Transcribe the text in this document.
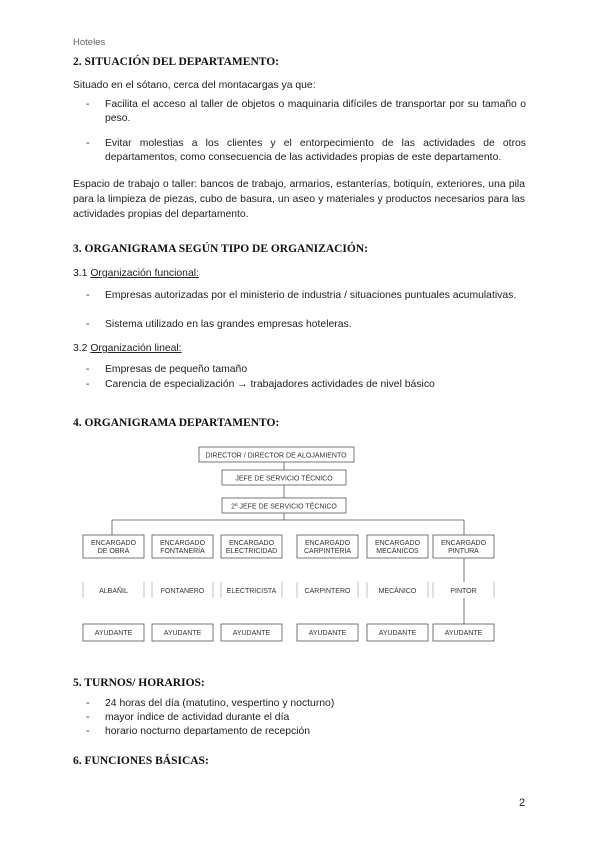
Hoteles
2. SITUACIÓN DEL DEPARTAMENTO:
Situado en el sótano, cerca del montacargas ya que:
- Facilita el acceso al taller de objetos o maquinaria difíciles de transportar por su tamaño o peso.
- Evitar molestias a los clientes y el entorpecimiento de las actividades de otros departamentos, como consecuencia de las actividades propias de este departamento.
Espacio de trabajo o taller: bancos de trabajo, armarios, estanterías, botiquín, exteriores, una pila para la limpieza de piezas, cubo de basura, un aseo y materiales y productos necesarios para las actividades propias del departamento.
3. ORGANIGRAMA SEGÚN TIPO DE ORGANIZACIÓN:
3.1 Organización funcional:
- Empresas autorizadas por el ministerio de industria / situaciones puntuales acumulativas.
- Sistema utilizado en las grandes empresas hoteleras.
3.2 Organización lineal:
- Empresas de pequeño tamaño
- Carencia de especialización → trabajadores actividades de nivel básico
4. ORGANIGRAMA DEPARTAMENTO:
DIRECTOR / DIRECTOR DE ALOJAMIENTO
JEFE DE SERVICIO TÉCNICO
2º JEFE DE SERVICIO TÉCNICO
ENCARGADO
DE OBRA
ALBAÑIL
AYUDANTE
ENCARGADO
FONTANERÍA
FONTANERO
AYUDANTE
ENCARGADO
ELECTRICIDAD
ELECTRICISTA
AYUDANTE
ENCARGADO
CARPINTERÍA
CARPINTERO
AYUDANTE
ENCARGADO
MECÁNICOS
MECÁNICO
AYUDANTE
ENCARGADO
PINTURA
PINTOR
AYUDANTE
5. TURNOS/ HORARIOS:
- 24 horas del día (matutino, vespertino y nocturno)
- mayor índice de actividad durante el día
- horario nocturno departamento de recepción
6. FUNCIONES BÁSICAS:
2
